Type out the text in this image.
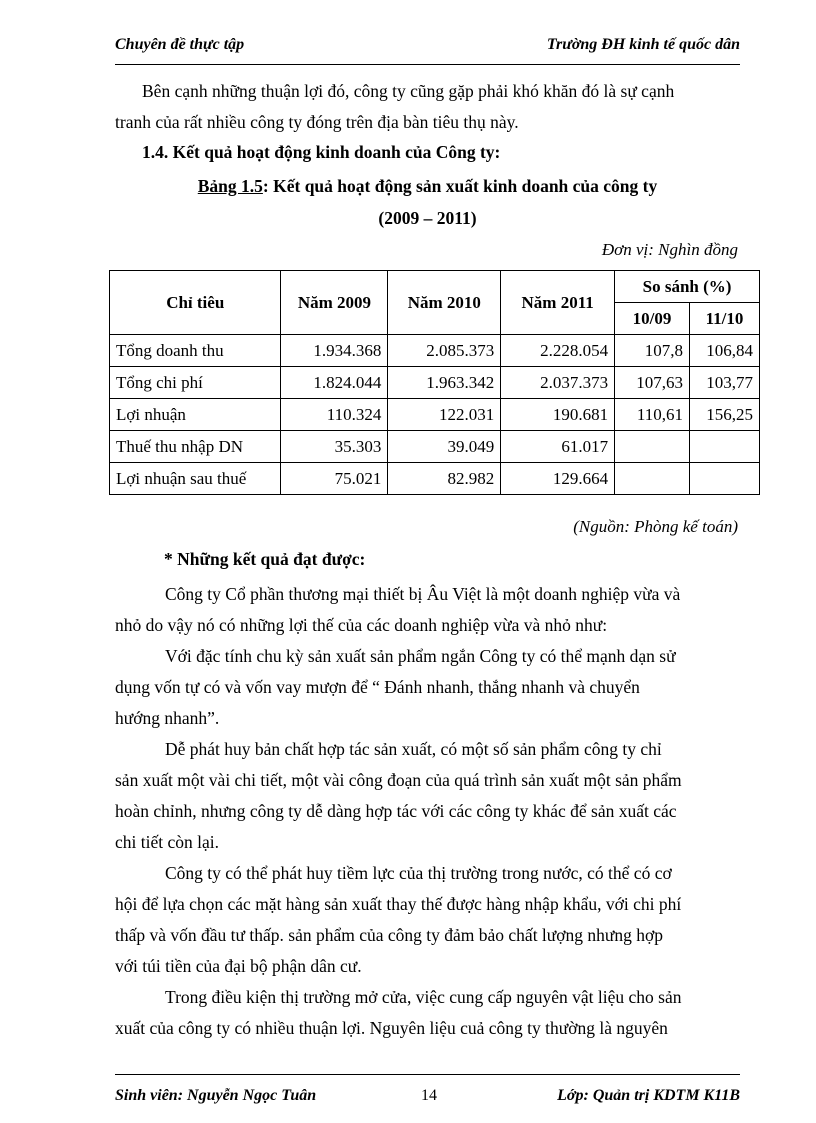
Chuyên đề thực tập	Trường ĐH kinh tế quốc dân
Bên cạnh những thuận lợi đó, công ty cũng gặp phải khó khăn đó là sự cạnh
tranh của rất nhiều công ty đóng trên địa bàn tiêu thụ này.
1.4. Kết quả hoạt động kinh doanh của Công ty:
Bảng 1.5: Kết quả hoạt động sản xuất kinh doanh của công ty
(2009 – 2011)
Đơn vị: Nghìn đồng
Chỉ tiêu	Năm 2009	Năm 2010	Năm 2011	So sánh (%)	
				10/09	11/10
Tổng doanh thu	1.934.368	2.085.373	2.228.054	107,8	106,84
Tổng chi phí	1.824.044	1.963.342	2.037.373	107,63	103,77
Lợi nhuận	110.324	122.031	190.681	110,61	156,25
Thuế thu nhập DN	35.303	39.049	61.017		
Lợi nhuận sau thuế	75.021	82.982	129.664		
(Nguồn: Phòng kế toán)
* Những kết quả đạt được:
Công ty Cổ phần thương mại thiết bị Âu Việt là một doanh nghiệp vừa và
nhỏ do vậy nó có những lợi thế của các doanh nghiệp vừa và nhỏ như:
Với đặc tính chu kỳ sản xuất sản phẩm ngắn Công ty có thể mạnh dạn sử
dụng vốn tự có và vốn vay mượn để “ Đánh nhanh, thắng nhanh và chuyển
hướng nhanh”.
Dễ phát huy bản chất hợp tác sản xuất, có một số sản phẩm công ty chỉ
sản xuất một vài chi tiết, một vài công đoạn của quá trình sản xuất một sản phẩm
hoàn chỉnh, nhưng công ty dễ dàng hợp tác với các công ty khác để sản xuất các
chi tiết còn lại.
Công ty có thể phát huy tiềm lực của thị trường trong nước, có thể có cơ
hội để lựa chọn các mặt hàng sản xuất thay thế được hàng nhập khẩu, với chi phí
thấp và vốn đầu tư thấp. sản phẩm của công ty đảm bảo chất lượng nhưng hợp
với túi tiền của đại bộ phận dân cư.
Trong điều kiện thị trường mở cửa, việc cung cấp nguyên vật liệu cho sản
xuất của công ty có nhiều thuận lợi. Nguyên liệu cuả công ty thường là nguyên
Sinh viên: Nguyễn Ngọc Tuân	14	Lớp: Quản trị KDTM K11B
